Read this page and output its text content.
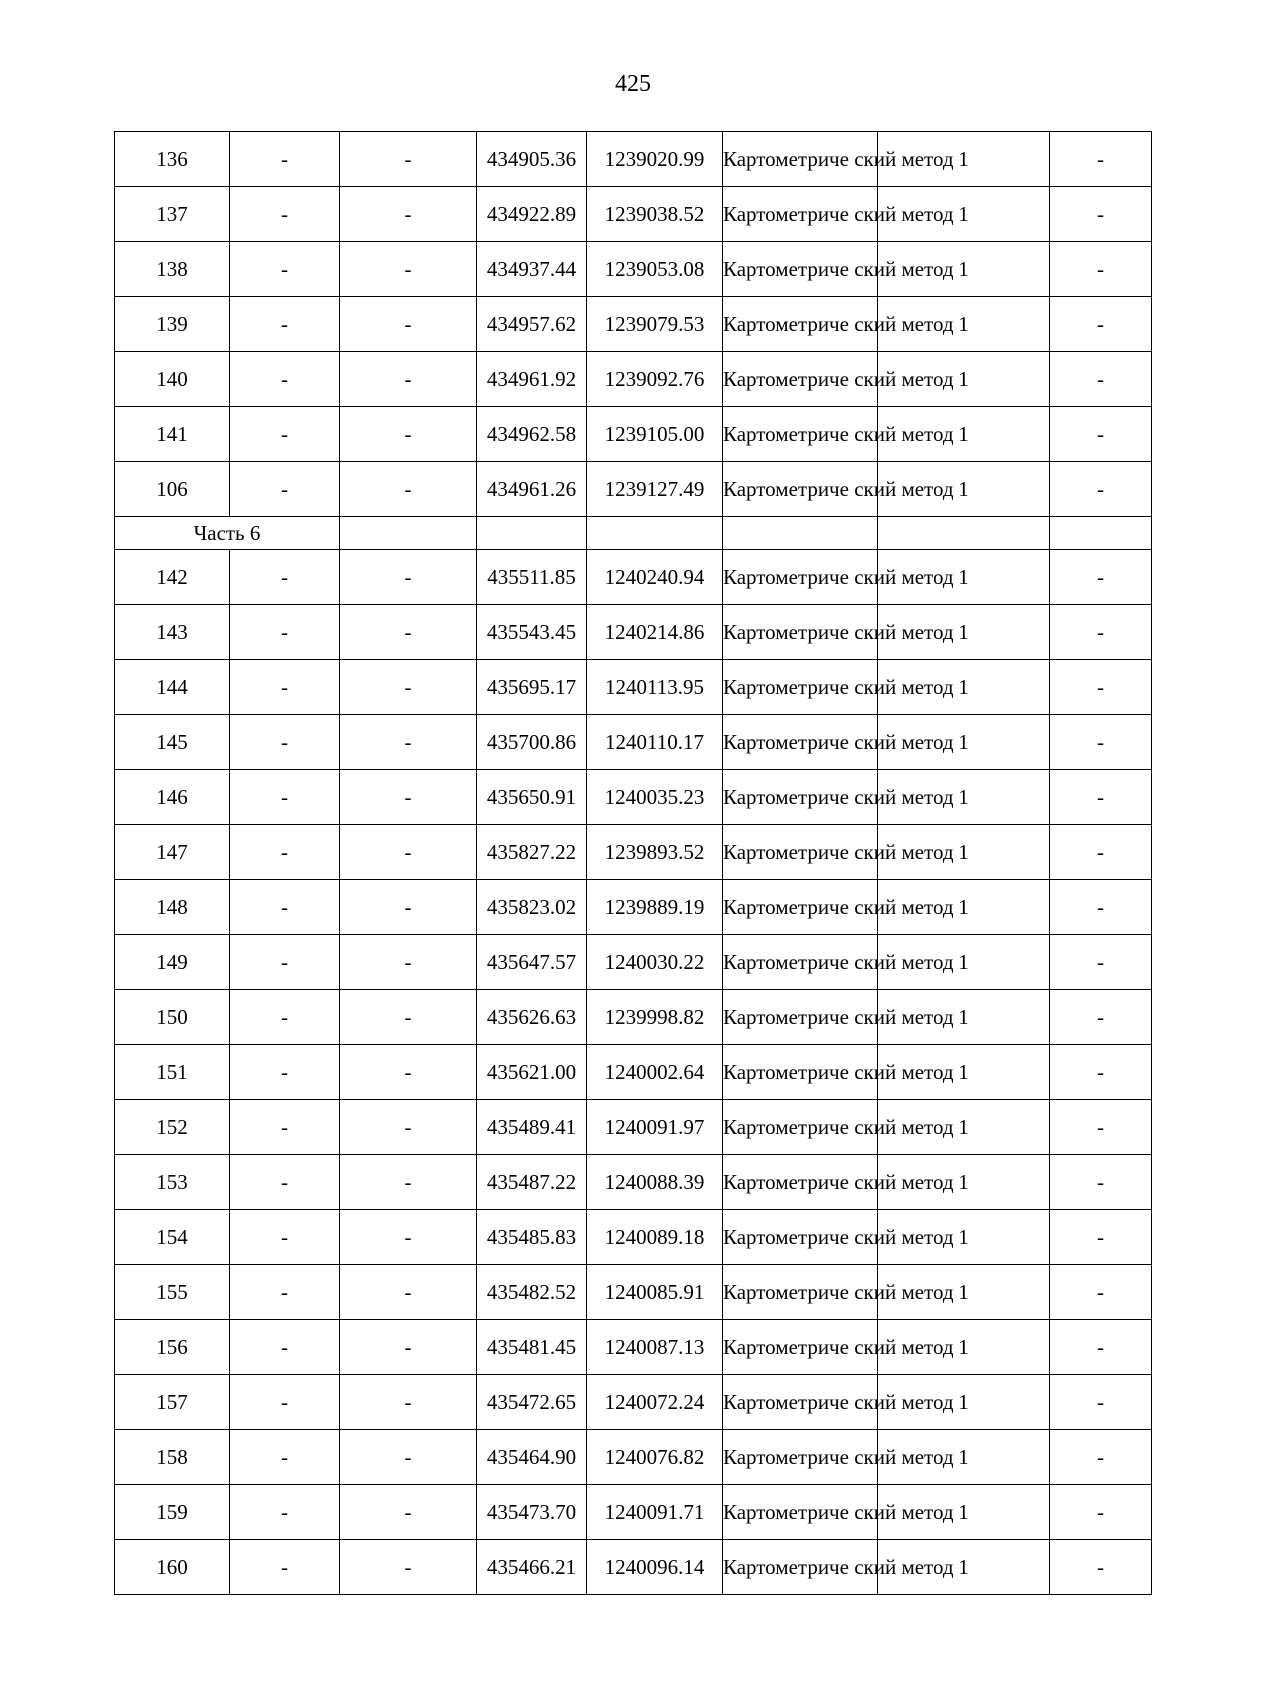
425
136	-	-	434905.36	1239020.99	Картометриче ский метод	1	-
137	-	-	434922.89	1239038.52	Картометриче ский метод	1	-
138	-	-	434937.44	1239053.08	Картометриче ский метод	1	-
139	-	-	434957.62	1239079.53	Картометриче ский метод	1	-
140	-	-	434961.92	1239092.76	Картометриче ский метод	1	-
141	-	-	434962.58	1239105.00	Картометриче ский метод	1	-
106	-	-	434961.26	1239127.49	Картометриче ский метод	1	-
Часть 6							
142	-	-	435511.85	1240240.94	Картометриче ский метод	1	-
143	-	-	435543.45	1240214.86	Картометриче ский метод	1	-
144	-	-	435695.17	1240113.95	Картометриче ский метод	1	-
145	-	-	435700.86	1240110.17	Картометриче ский метод	1	-
146	-	-	435650.91	1240035.23	Картометриче ский метод	1	-
147	-	-	435827.22	1239893.52	Картометриче ский метод	1	-
148	-	-	435823.02	1239889.19	Картометриче ский метод	1	-
149	-	-	435647.57	1240030.22	Картометриче ский метод	1	-
150	-	-	435626.63	1239998.82	Картометриче ский метод	1	-
151	-	-	435621.00	1240002.64	Картометриче ский метод	1	-
152	-	-	435489.41	1240091.97	Картометриче ский метод	1	-
153	-	-	435487.22	1240088.39	Картометриче ский метод	1	-
154	-	-	435485.83	1240089.18	Картометриче ский метод	1	-
155	-	-	435482.52	1240085.91	Картометриче ский метод	1	-
156	-	-	435481.45	1240087.13	Картометриче ский метод	1	-
157	-	-	435472.65	1240072.24	Картометриче ский метод	1	-
158	-	-	435464.90	1240076.82	Картометриче ский метод	1	-
159	-	-	435473.70	1240091.71	Картометриче ский метод	1	-
160	-	-	435466.21	1240096.14	Картометриче ский метод	1	-
